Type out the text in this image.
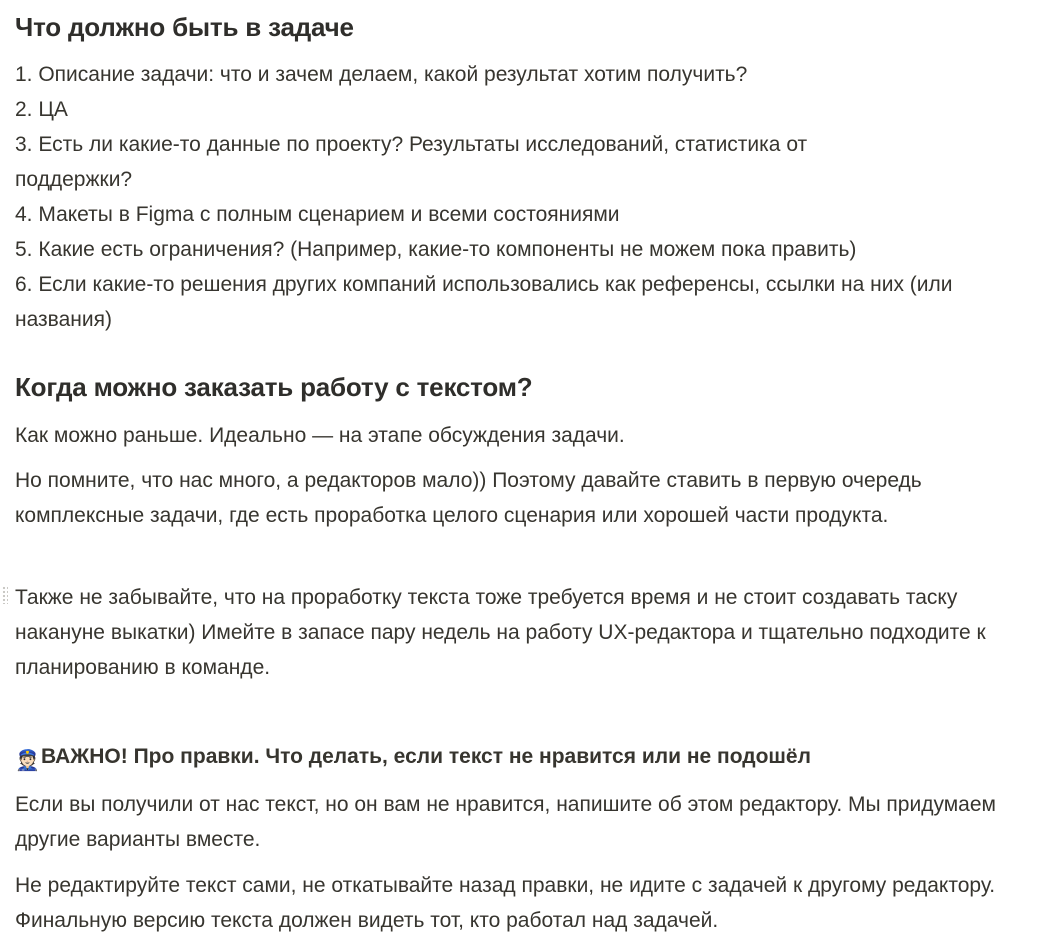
Что должно быть в задаче

1. Описание задачи: что и зачем делаем, какой результат хотим получить?

2. ЦА

3. Есть ли какие-то данные по проекту? Результаты исследований, статистика от поддержки?

4. Макеты в Figma с полным сценарием и всеми состояниями

5. Какие есть ограничения? (Например, какие-то компоненты не можем пока править)

6. Если какие-то решения других компаний использовались как референсы, ссылки на них (или названия)

Когда можно заказать работу с текстом?

Как можно раньше. Идеально — на этапе обсуждения задачи.

Но помните, что нас много, а редакторов мало)) Поэтому давайте ставить в первую очередь комплексные задачи, где есть проработка целого сценария или хорошей части продукта.

Также не забывайте, что на проработку текста тоже требуется время и не стоит создавать таску накануне выкатки) Имейте в запасе пару недель на работу UX-редактора и тщательно подходите к планированию в команде.

👮🏻 ВАЖНО! Про правки. Что делать, если текст не нравится или не подошёл

Если вы получили от нас текст, но он вам не нравится, напишите об этом редактору. Мы придумаем другие варианты вместе.

Не редактируйте текст сами, не откатывайте назад правки, не идите с задачей к другому редактору. Финальную версию текста должен видеть тот, кто работал над задачей.
